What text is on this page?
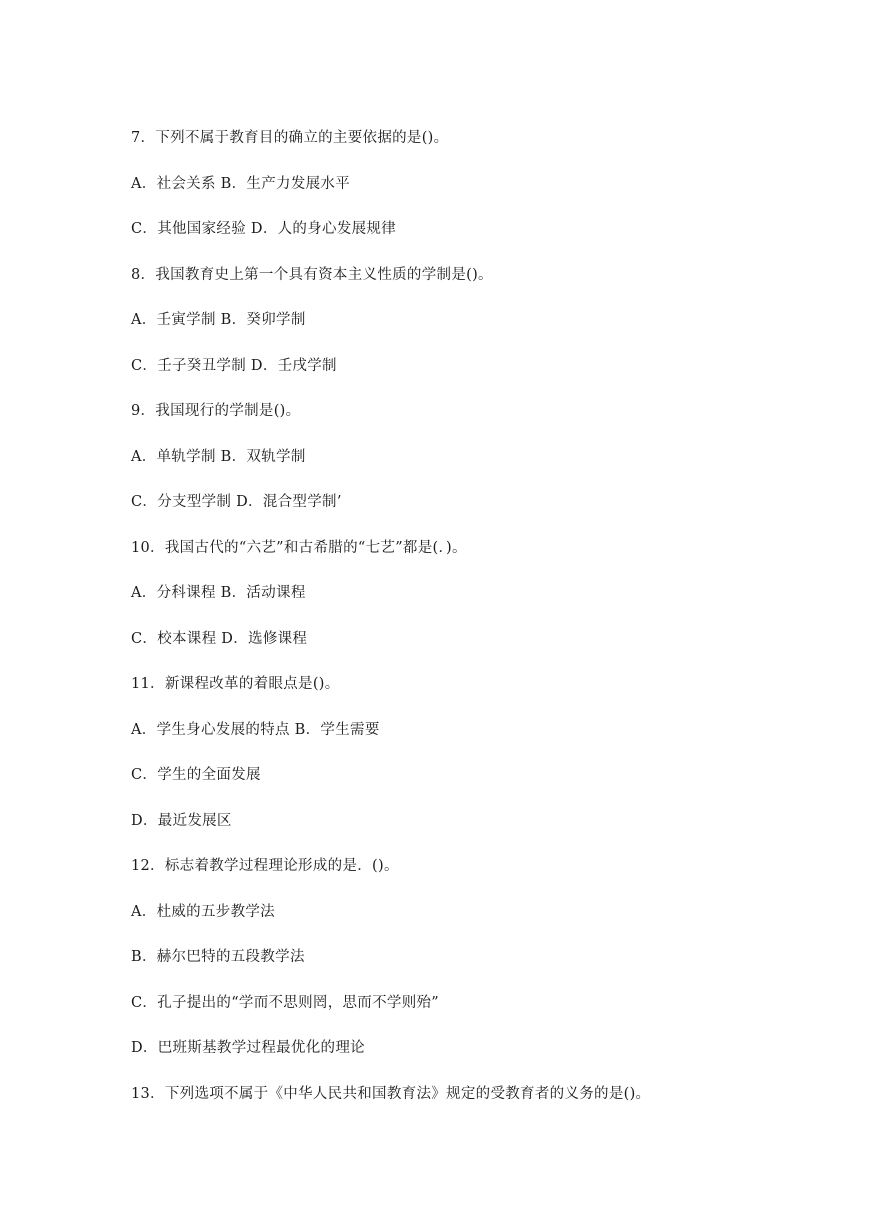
7．下列不属于教育目的确立的主要依据的是()。
A．社会关系 B．生产力发展水平
C．其他国家经验 D．人的身心发展规律
8．我国教育史上第一个具有资本主义性质的学制是()。
A．壬寅学制 B．癸卯学制
C．壬子癸丑学制 D．壬戌学制
9．我国现行的学制是()。
A．单轨学制 B．双轨学制
C．分支型学制 D．混合型学制’
10．我国古代的“六艺”和古希腊的“七艺”都是(．)。
A．分科课程 B．活动课程
C．校本课程 D．选修课程
11．新课程改革的着眼点是()。
A．学生身心发展的特点 B．学生需要
C．学生的全面发展
D．最近发展区
12．标志着教学过程理论形成的是．()。
A．杜威的五步教学法
B．赫尔巴特的五段教学法
C．孔子提出的“学而不思则罔，思而不学则殆”
D．巴班斯基教学过程最优化的理论
13．下列选项不属于《中华人民共和国教育法》规定的受教育者的义务的是()。
